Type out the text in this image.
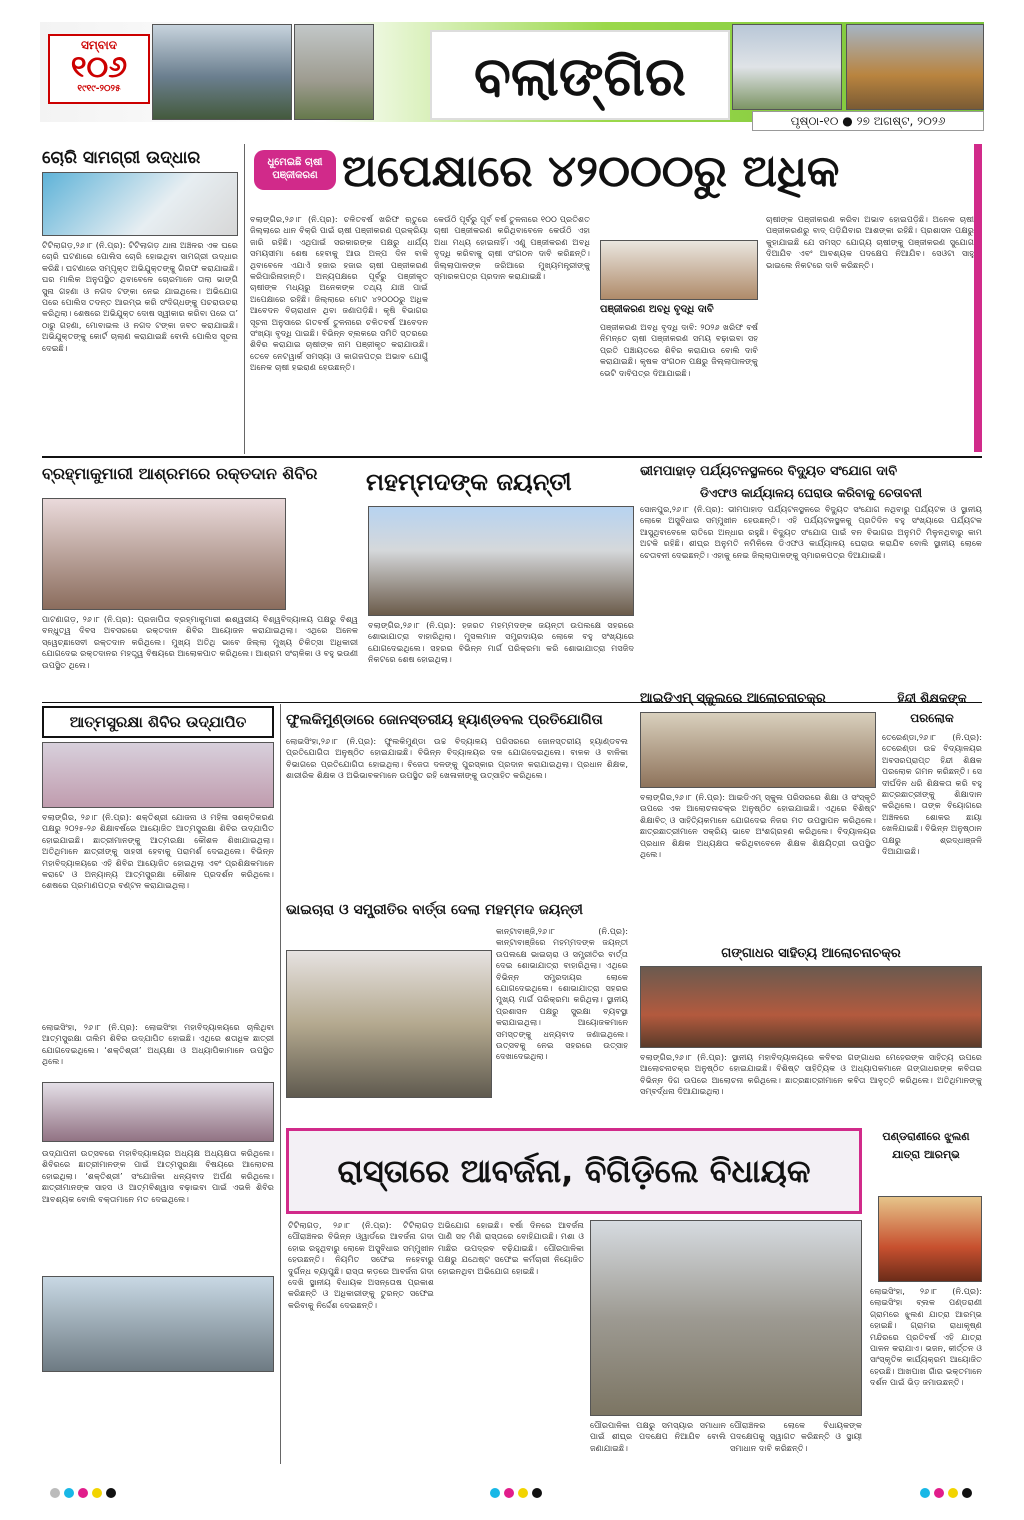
ସମ୍ବାଦ
୧୦୬
୧୯୧୯-୨୦୨୫	ବଲାଙ୍ଗିର
ପୃଷ୍ଠା-୧୦ ● ୨୭ ଅଗଷ୍ଟ, ୨୦୨୬
ଚୋରି ସାମଗ୍ରୀ ଉଦ୍ଧାର
ଟିଟିଲାଗଡ଼,୨୬।୮ (ନି.ପ୍ର): ଟିଟିଲାଗଡ଼ ଥାନା ଅଞ୍ଚଳର ଏକ ଘରେ ଚୋରି ଘଟଣାରେ ପୋଲିସ ଚୋରି ହୋଇଥିବା ସାମଗ୍ରୀ ଉଦ୍ଧାର କରିଛି। ଘଟଣାରେ ସମ୍ପୃକ୍ତ ଅଭିଯୁକ୍ତଙ୍କୁ ଗିରଫ କରାଯାଇଛି। ଘର ମାଲିକ ଅନୁପସ୍ଥିତ ଥିବାବେଳେ ଚୋରମାନେ ତାଲା ଭାଙ୍ଗି ସୁନା ଗହଣା ଓ ନଗଦ ଟଙ୍କା ନେଇ ଯାଇଥିଲେ। ଅଭିଯୋଗ ପରେ ପୋଲିସ ତଦନ୍ତ ଆରମ୍ଭ କରି ସଂଦିଗ୍ଧଙ୍କୁ ପଚରାଉଚରା କରିଥିଲା। ଶେଷରେ ଅଭିଯୁକ୍ତ ଦୋଷ ସ୍ୱୀକାର କରିବା ପରେ ତା’ ଠାରୁ ଗହଣା, ମୋବାଇଲ ଓ ନଗଦ ଟଙ୍କା ଜବତ କରାଯାଇଛି। ଅଭିଯୁକ୍ତଙ୍କୁ କୋର୍ଟ ଚାଲାଣ କରାଯାଇଛି ବୋଲି ପୋଲିସ ସୂଚନା ଦେଇଛି।
ଧୁମେଇଛି ଚାଷୀ
ପଞ୍ଜୀକରଣ ଅପେକ୍ଷାରେ ୪୨୦୦୦ରୁ ଅଧିକ
ବଲାଙ୍ଗିର,୨୬।୮ (ନି.ପ୍ର): ଚଳିତବର୍ଷ ଖରିଫ ଋତୁରେ ଜିଲ୍ଲାରେ ଧାନ ବିକ୍ରି ପାଇଁ ଚାଷୀ ପଞ୍ଜୀକରଣ ପ୍ରକ୍ରିୟା ଜାରି ରହିଛି। ଏଥିପାଇଁ ସରକାରଙ୍କ ପକ୍ଷରୁ ଧାର୍ଯ୍ୟ ସମୟସୀମା ଶେଷ ହେବାକୁ ଆଉ ଅଳ୍ପ ଦିନ ବାକି ଥିବାବେଳେ ଏଯାଏଁ ହଜାର ହଜାର ଚାଷୀ ପଞ୍ଜୀକରଣ କରିପାରିନାହାନ୍ତି। ଅନ୍ୟପକ୍ଷରେ ପୂର୍ବରୁ ପଞ୍ଜୀକୃତ ଚାଷୀଙ୍କ ମଧ୍ୟରୁ ଅନେକଙ୍କ ତଥ୍ୟ ଯାଞ୍ଚ ପାଇଁ ଅପେକ୍ଷାରେ ରହିଛି। ଜିଲ୍ଲାରେ ମୋଟ ୪୨୦୦୦ରୁ ଅଧିକ ଆବେଦନ ବିଚାରାଧୀନ ଥିବା ଜଣାପଡ଼ିଛି। କୃଷି ବିଭାଗର ସୂଚନା ଅନୁସାରେ ଗତବର୍ଷ ତୁଳନାରେ ଚଳିତବର୍ଷ ଆବେଦନ ସଂଖ୍ୟା ବୃଦ୍ଧି ପାଇଛି। ବିଭିନ୍ନ ବ୍ଲକରେ ସମିତି ସ୍ତରରେ ଶିବିର କରାଯାଇ ଚାଷୀଙ୍କ ନାମ ପଞ୍ଜୀକୃତ କରାଯାଉଛି। ତେବେ ନେଟୱାର୍କ ସମସ୍ୟା ଓ କାଗଜପତ୍ର ଅଭାବ ଯୋଗୁଁ ଅନେକ ଚାଷୀ ହଇରାଣ ହେଉଛନ୍ତି।
କେଉଁଠି ପୂର୍ବରୁ ପୂର୍ବ ବର୍ଷ ତୁଳନାରେ ୧୦୦ ପ୍ରତିଶତ ଚାଷୀ ପଞ୍ଜୀକରଣ କରିଥିବାବେଳେ କେଉଁଠି ଏହା ଅଧା ମଧ୍ୟ ହୋଇନାହିଁ। ଏଣୁ ପଞ୍ଜୀକରଣ ଅବଧି ବୃଦ୍ଧି କରିବାକୁ ଚାଷୀ ସଂଗଠନ ଦାବି କରିଛନ୍ତି। ଜିଲ୍ଲାପାଳଙ୍କ ଜରିଆରେ ମୁଖ୍ୟମନ୍ତ୍ରୀଙ୍କୁ ସ୍ମାରକପତ୍ର ପ୍ରଦାନ କରାଯାଇଛି।
ପଞ୍ଜୀକରଣ ଅବଧି ବୃଦ୍ଧି ଦାବି
ପଞ୍ଜୀକରଣ ଅବଧି ବୃଦ୍ଧି ଦାବି: ୨୦୨୬ ଖରିଫ ବର୍ଷ ନିମନ୍ତେ ଚାଷୀ ପଞ୍ଜୀକରଣ ସମୟ ବଢ଼ାଇବା ସହ ପ୍ରତି ପଞ୍ଚାୟତରେ ଶିବିର କରାଯାଉ ବୋଲି ଦାବି କରାଯାଇଛି। କୃଷକ ସଂଗଠନ ପକ୍ଷରୁ ଜିଲ୍ଲାପାଳଙ୍କୁ ଭେଟି ଦାବିପତ୍ର ଦିଆଯାଇଛି।
ଚାଷୀଙ୍କ ପଞ୍ଜୀକରଣ କରିବା ଅଭାବ ହୋଇପଡ଼ିଛି। ଅନେକ ଚାଷୀ ପଞ୍ଜୀକରଣରୁ ବାଦ୍ ପଡ଼ିଯିବାର ଆଶଙ୍କା ରହିଛି। ପ୍ରଶାସନ ପକ୍ଷରୁ କୁହାଯାଇଛି ଯେ ସମସ୍ତ ଯୋଗ୍ୟ ଚାଷୀଙ୍କୁ ପଞ୍ଜୀକରଣ ସୁଯୋଗ ଦିଆଯିବ ଏବଂ ଆବଶ୍ୟକ ପଦକ୍ଷେପ ନିଆଯିବ। ସେଓଟା ସାହୁ ଭାଇଲେ ନିକଟରେ ଦାବି କରିଛନ୍ତି।
ବ୍ରହ୍ମାକୁମାରୀ ଆଶ୍ରମରେ ରକ୍ତଦାନ ଶିବିର
ପାଟଣାଗଡ଼, ୨୬।୮ (ନି.ପ୍ର): ପ୍ରଜାପିତା ବ୍ରହ୍ମାକୁମାରୀ ଈଶ୍ୱରୀୟ ବିଶ୍ୱବିଦ୍ୟାଳୟ ପକ୍ଷରୁ ବିଶ୍ୱ ବନ୍ଧୁତ୍ୱ ଦିବସ ଅବସରରେ ରକ୍ତଦାନ ଶିବିର ଆୟୋଜନ କରାଯାଇଥିଲା। ଏଥିରେ ଅନେକ ସ୍ୱେଚ୍ଛାସେବୀ ରକ୍ତଦାନ କରିଥିଲେ। ମୁଖ୍ୟ ଅତିଥି ଭାବେ ଜିଲ୍ଲା ମୁଖ୍ୟ ଚିକିତ୍ସା ଅଧିକାରୀ ଯୋଗଦେଇ ରକ୍ତଦାନର ମହତ୍ତ୍ୱ ବିଷୟରେ ଆଲୋକପାତ କରିଥିଲେ। ଆଶ୍ରମ ସଂଚାଳିକା ଓ ବହୁ ଭଉଣୀ ଉପସ୍ଥିତ ଥିଲେ।
ମହମ୍ମଦଙ୍କ ଜୟନ୍ତୀ
ବଲାଙ୍ଗିର,୨୬।୮ (ନି.ପ୍ର): ହଜରତ ମହମ୍ମଦଙ୍କ ଜୟନ୍ତୀ ଉପଲକ୍ଷେ ସହରରେ ଶୋଭାଯାତ୍ରା ବାହାରିଥିଲା। ମୁସଲମାନ ସମ୍ପ୍ରଦାୟର ଲୋକେ ବହୁ ସଂଖ୍ୟାରେ ଯୋଗଦେଇଥିଲେ। ସହରର ବିଭିନ୍ନ ମାର୍ଗ ପରିକ୍ରମା କରି ଶୋଭାଯାତ୍ରା ମସଜିଦ ନିକଟରେ ଶେଷ ହୋଇଥିଲା।
ଭୀମପାହାଡ଼ ପର୍ଯ୍ୟଟନସ୍ଥଳରେ ବିଦ୍ୟୁତ ସଂଯୋଗ ଦାବି
ଡିଏଫଓ କାର୍ଯ୍ୟାଳୟ ଘେରାଉ କରିବାକୁ ଚେତାବନୀ
ସୋନପୁର,୨୬।୮ (ନି.ପ୍ର): ଭୀମପାହାଡ଼ ପର୍ଯ୍ୟଟନସ୍ଥଳରେ ବିଦ୍ୟୁତ ସଂଯୋଗ ନଥିବାରୁ ପର୍ଯ୍ୟଟକ ଓ ସ୍ଥାନୀୟ ଲୋକେ ଅସୁବିଧାର ସମ୍ମୁଖୀନ ହେଉଛନ୍ତି। ଏହି ପର୍ଯ୍ୟଟନସ୍ଥଳକୁ ପ୍ରତିଦିନ ବହୁ ସଂଖ୍ୟାରେ ପର୍ଯ୍ୟଟକ ଆସୁଥିବାବେଳେ ରାତିରେ ଅନ୍ଧାର ରହୁଛି। ବିଦ୍ୟୁତ ସଂଯୋଗ ପାଇଁ ବନ ବିଭାଗର ଅନୁମତି ମିଳୁନଥିବାରୁ କାମ ଅଟକି ରହିଛି। ଶୀଘ୍ର ଅନୁମତି ନମିଳିଲେ ଡିଏଫଓ କାର୍ଯ୍ୟାଳୟ ଘେରାଉ କରାଯିବ ବୋଲି ସ୍ଥାନୀୟ ଲୋକେ ଚେତାବନୀ ଦେଇଛନ୍ତି। ଏହାକୁ ନେଇ ଜିଲ୍ଲାପାଳଙ୍କୁ ସ୍ମାରକପତ୍ର ଦିଆଯାଇଛି।
ଆତ୍ମସୁରକ୍ଷା ଶିବିର ଉଦ୍‌ଯାପିତ
ବଲାଙ୍ଗିର, ୨୬।୮ (ନି.ପ୍ର): ଶକ୍ତିଶ୍ରୀ ଯୋଜନା ଓ ମହିଳା ସଶକ୍ତିକରଣ ପକ୍ଷରୁ ୨୦୨୫-୨୬ ଶିକ୍ଷାବର୍ଷରେ ଆୟୋଜିତ ଆତ୍ମସୁରକ୍ଷା ଶିବିର ଉଦ୍‌ଯାପିତ ହୋଇଯାଇଛି। ଛାତ୍ରୀମାନଙ୍କୁ ଆତ୍ମରକ୍ଷା କୌଶଳ ଶିଖାଯାଇଥିଲା। ଅତିଥିମାନେ ଛାତ୍ରୀଙ୍କୁ ସାହସୀ ହେବାକୁ ପରାମର୍ଶ ଦେଇଥିଲେ। ବିଭିନ୍ନ ମହାବିଦ୍ୟାଳୟରେ ଏହି ଶିବିର ଆୟୋଜିତ ହୋଇଥିଲା ଏବଂ ପ୍ରଶିକ୍ଷକମାନେ କରାଟେ ଓ ଅନ୍ୟାନ୍ୟ ଆତ୍ମସୁରକ୍ଷା କୌଶଳ ପ୍ରଦର୍ଶନ କରିଥିଲେ। ଶେଷରେ ପ୍ରମାଣପତ୍ର ବଣ୍ଟନ କରାଯାଇଥିଲା।
ଲୋଇସିଂହା, ୨୬।୮ (ନି.ପ୍ର): ଲୋଇସିଂହା ମହାବିଦ୍ୟାଳୟରେ ଚାଲିଥିବା ଆତ୍ମସୁରକ୍ଷା ତାଲିମ ଶିବିର ଉଦ୍‌ଯାପିତ ହୋଇଛି। ଏଥିରେ ଶତାଧିକ ଛାତ୍ରୀ ଯୋଗଦେଇଥିଲେ। ‘ଶକ୍ତିଶ୍ରୀ’ ଅଧ୍ୟକ୍ଷା ଓ ଅଧ୍ୟାପିକାମାନେ ଉପସ୍ଥିତ ଥିଲେ।
ଉଦ୍‌ଯାପନୀ ଉତ୍ସବରେ ମହାବିଦ୍ୟାଳୟର ଅଧ୍ୟକ୍ଷ ଅଧ୍ୟକ୍ଷତା କରିଥିଲେ। ଶିବିରରେ ଛାତ୍ରୀମାନଙ୍କ ପାଇଁ ଆତ୍ମସୁରକ୍ଷା ବିଷୟରେ ଆଲୋଚନା ହୋଇଥିଲା। ‘ଶକ୍ତିଶ୍ରୀ’ ସଂଯୋଜିକା ଧନ୍ୟବାଦ ଅର୍ପଣ କରିଥିଲେ। ଛାତ୍ରୀମାନଙ୍କ ସାହସ ଓ ଆତ୍ମବିଶ୍ୱାସ ବଢ଼ାଇବା ପାଇଁ ଏଭଳି ଶିବିର ଆବଶ୍ୟକ ବୋଲି ବକ୍ତାମାନେ ମତ ଦେଇଥିଲେ।
ଫୁଲକିମୁଣ୍ଡାରେ ଜୋନସ୍ତରୀୟ ହ୍ୟାଣ୍ଡବଲ ପ୍ରତିଯୋଗିତା
ଲୋଇସିଂହା,୨୬।୮ (ନି.ପ୍ର): ଫୁଲକିମୁଣ୍ଡା ଉଚ୍ଚ ବିଦ୍ୟାଳୟ ପରିସରରେ ଜୋନସ୍ତରୀୟ ହ୍ୟାଣ୍ଡବଲ ପ୍ରତିଯୋଗିତା ଅନୁଷ୍ଠିତ ହୋଇଯାଇଛି। ବିଭିନ୍ନ ବିଦ୍ୟାଳୟର ଦଳ ଯୋଗଦେଇଥିଲେ। ବାଳକ ଓ ବାଳିକା ବିଭାଗରେ ପ୍ରତିଯୋଗିତା ହୋଇଥିଲା। ବିଜେତା ଦଳଙ୍କୁ ପୁରସ୍କାର ପ୍ରଦାନ କରାଯାଇଥିଲା। ପ୍ରଧାନ ଶିକ୍ଷକ, ଶାରୀରିକ ଶିକ୍ଷକ ଓ ଅଭିଭାବକମାନେ ଉପସ୍ଥିତ ରହି ଖେଳାଳୀଙ୍କୁ ଉତ୍ସାହିତ କରିଥିଲେ।
ଆଇଡିଏମ୍ ସ୍କୁଲରେ ଆଲୋଚନାଚକ୍ର
ବଲାଙ୍ଗିର,୨୬।୮ (ନି.ପ୍ର): ଆଇଡିଏମ୍ ସ୍କୁଲ ପରିସରରେ ଶିକ୍ଷା ଓ ସଂସ୍କୃତି ଉପରେ ଏକ ଆଲୋଚନାଚକ୍ର ଅନୁଷ୍ଠିତ ହୋଇଯାଇଛି। ଏଥିରେ ବିଶିଷ୍ଟ ଶିକ୍ଷାବିତ୍ ଓ ସାହିତ୍ୟିକମାନେ ଯୋଗଦେଇ ନିଜର ମତ ଉପସ୍ଥାପନ କରିଥିଲେ। ଛାତ୍ରଛାତ୍ରୀମାନେ ସକ୍ରିୟ ଭାବେ ଅଂଶଗ୍ରହଣ କରିଥିଲେ। ବିଦ୍ୟାଳୟର ପ୍ରଧାନ ଶିକ୍ଷକ ଅଧ୍ୟକ୍ଷତା କରିଥିବାବେଳେ ଶିକ୍ଷକ ଶିକ୍ଷୟିତ୍ରୀ ଉପସ୍ଥିତ ଥିଲେ।
ହିନ୍ଦୀ ଶିକ୍ଷକଙ୍କ ପରଲୋକ
ତେରେଣ୍ଡା,୨୬।୮ (ନି.ପ୍ର): ତେରେଣ୍ଡା ଉଚ୍ଚ ବିଦ୍ୟାଳୟର ଅବସରପ୍ରାପ୍ତ ହିନ୍ଦୀ ଶିକ୍ଷକ ପରଲୋକ ଗମନ କରିଛନ୍ତି। ସେ ଦୀର୍ଘଦିନ ଧରି ଶିକ୍ଷକତା କରି ବହୁ ଛାତ୍ରଛାତ୍ରୀଙ୍କୁ ଶିକ୍ଷାଦାନ କରିଥିଲେ। ତାଙ୍କ ବିୟୋଗରେ ଅଞ୍ଚଳରେ ଶୋକର ଛାୟା ଖେଳିଯାଇଛି। ବିଭିନ୍ନ ଅନୁଷ୍ଠାନ ପକ୍ଷରୁ ଶ୍ରଦ୍ଧାଞ୍ଜଳି ଦିଆଯାଇଛି।
ଭାଇଚାରା ଓ ସମ୍ପ୍ରୀତିର ବାର୍ତ୍ତା ଦେଲା ମହମ୍ମଦ ଜୟନ୍ତୀ
କାନ୍ଟାବାଞ୍ଜି,୨୬।୮ (ନି.ପ୍ର): କାନ୍ଟାବାଞ୍ଜିରେ ମହମ୍ମଦଙ୍କ ଜୟନ୍ତୀ ଉପଲକ୍ଷେ ଭାଇଚାରା ଓ ସମ୍ପ୍ରୀତିର ବାର୍ତ୍ତା ଦେଇ ଶୋଭାଯାତ୍ରା ବାହାରିଥିଲା। ଏଥିରେ ବିଭିନ୍ନ ସମ୍ପ୍ରଦାୟର ଲୋକେ ଯୋଗଦେଇଥିଲେ। ଶୋଭାଯାତ୍ରା ସହରର ମୁଖ୍ୟ ମାର୍ଗ ପରିକ୍ରମା କରିଥିଲା। ସ୍ଥାନୀୟ ପ୍ରଶାସନ ପକ୍ଷରୁ ସୁରକ୍ଷା ବ୍ୟବସ୍ଥା କରାଯାଇଥିଲା। ଆୟୋଜକମାନେ ସମସ୍ତଙ୍କୁ ଧନ୍ୟବାଦ ଜଣାଇଥିଲେ। ଉତ୍ସବକୁ ନେଇ ସହରରେ ଉତ୍ସାହ ଦେଖାଦେଇଥିଲା।
ଗଙ୍ଗାଧର ସାହିତ୍ୟ ଆଲୋଚନାଚକ୍ର
ବଲାଙ୍ଗିର,୨୬।୮ (ନି.ପ୍ର): ସ୍ଥାନୀୟ ମହାବିଦ୍ୟାଳୟରେ କବିବର ଗଙ୍ଗାଧର ମେହେରଙ୍କ ସାହିତ୍ୟ ଉପରେ ଆଲୋଚନାଚକ୍ର ଅନୁଷ୍ଠିତ ହୋଇଯାଇଛି। ବିଶିଷ୍ଟ ସାହିତ୍ୟିକ ଓ ଅଧ୍ୟାପକମାନେ ଗଙ୍ଗାଧରଙ୍କ କବିତାର ବିଭିନ୍ନ ଦିଗ ଉପରେ ଆଲୋଚନା କରିଥିଲେ। ଛାତ୍ରଛାତ୍ରୀମାନେ କବିତା ଆବୃତ୍ତି କରିଥିଲେ। ଅତିଥିମାନଙ୍କୁ ସମ୍ବର୍ଦ୍ଧନା ଦିଆଯାଇଥିଲା।
ରାସ୍ତାରେ ଆବର୍ଜନା, ବିଗିଡ଼ିଲେ ବିଧାୟକ
ଟିଟିଲାଗଡ଼, ୨୬।୮ (ନି.ପ୍ର): ଟିଟିଲାଗଡ଼ ପୌରାଞ୍ଚଳର ବିଭିନ୍ନ ଓ୍ୱାର୍ଡରେ ଆବର୍ଜନା ଗଦା ହୋଇ ରହୁଥିବାରୁ ଲୋକେ ଅସୁବିଧାର ସମ୍ମୁଖୀନ ହେଉଛନ୍ତି। ନିୟମିତ ସଫେଇ ନହେବାରୁ ଦୁର୍ଗନ୍ଧ ବ୍ୟାପୁଛି। ରାସ୍ତା କଡ଼ରେ ଆବର୍ଜନା ଗଦା ଦେଖି ସ୍ଥାନୀୟ ବିଧାୟକ ଅସନ୍ତୋଷ ପ୍ରକାଶ କରିଛନ୍ତି ଓ ଅଧିକାରୀଙ୍କୁ ତୁରନ୍ତ ସଫେଇ କରିବାକୁ ନିର୍ଦ୍ଦେଶ ଦେଇଛନ୍ତି।
ଅଭିଯୋଗ ହୋଇଛି। ବର୍ଷା ଦିନରେ ଆବର୍ଜନା ପାଣି ସହ ମିଶି ରାସ୍ତାରେ ବୋହିଯାଉଛି। ମଶା ଓ ମାଛିର ଉପଦ୍ରବ ବଢ଼ିଯାଇଛି। ପୌରପାଳିକା ପକ୍ଷରୁ ଯଥେଷ୍ଟ ସଫେଇ କର୍ମଚାରୀ ନିୟୋଜିତ ହୋଇନଥିବା ଅଭିଯୋଗ ହୋଇଛି।
ପୌରପାଳିକା ପକ୍ଷରୁ ସମସ୍ୟାର ସମାଧାନ ପାଇଁ ଶୀଘ୍ର ପଦକ୍ଷେପ ନିଆଯିବ ବୋଲି ଜଣାଯାଇଛି।
ପୌରାଞ୍ଚଳର ଲୋକେ ବିଧାୟକଙ୍କ ପଦକ୍ଷେପକୁ ସ୍ୱାଗତ କରିଛନ୍ତି ଓ ସ୍ଥାୟୀ ସମାଧାନ ଦାବି କରିଛନ୍ତି।
ପଣ୍ଡରାଣୀରେ ଝୁଲଣ ଯାତ୍ରା ଆରମ୍ଭ
ଲୋଇସିଂହା, ୨୬।୮ (ନି.ପ୍ର): ଲୋଇସିଂହା ବ୍ଲକ ପଣ୍ଡରାଣୀ ଗ୍ରାମରେ ଝୁଲଣ ଯାତ୍ରା ଆରମ୍ଭ ହୋଇଛି। ଗ୍ରାମର ରାଧାକୃଷ୍ଣ ମନ୍ଦିରରେ ପ୍ରତିବର୍ଷ ଏହି ଯାତ୍ରା ପାଳନ କରାଯାଏ। ଭଜନ, କୀର୍ତ୍ତନ ଓ ସାଂସ୍କୃତିକ କାର୍ଯ୍ୟକ୍ରମ ଆୟୋଜିତ ହେଉଛି। ଆଖପାଖ ଗାଁର ଭକ୍ତମାନେ ଦର୍ଶନ ପାଇଁ ଭିଡ଼ ଜମାଉଛନ୍ତି।
